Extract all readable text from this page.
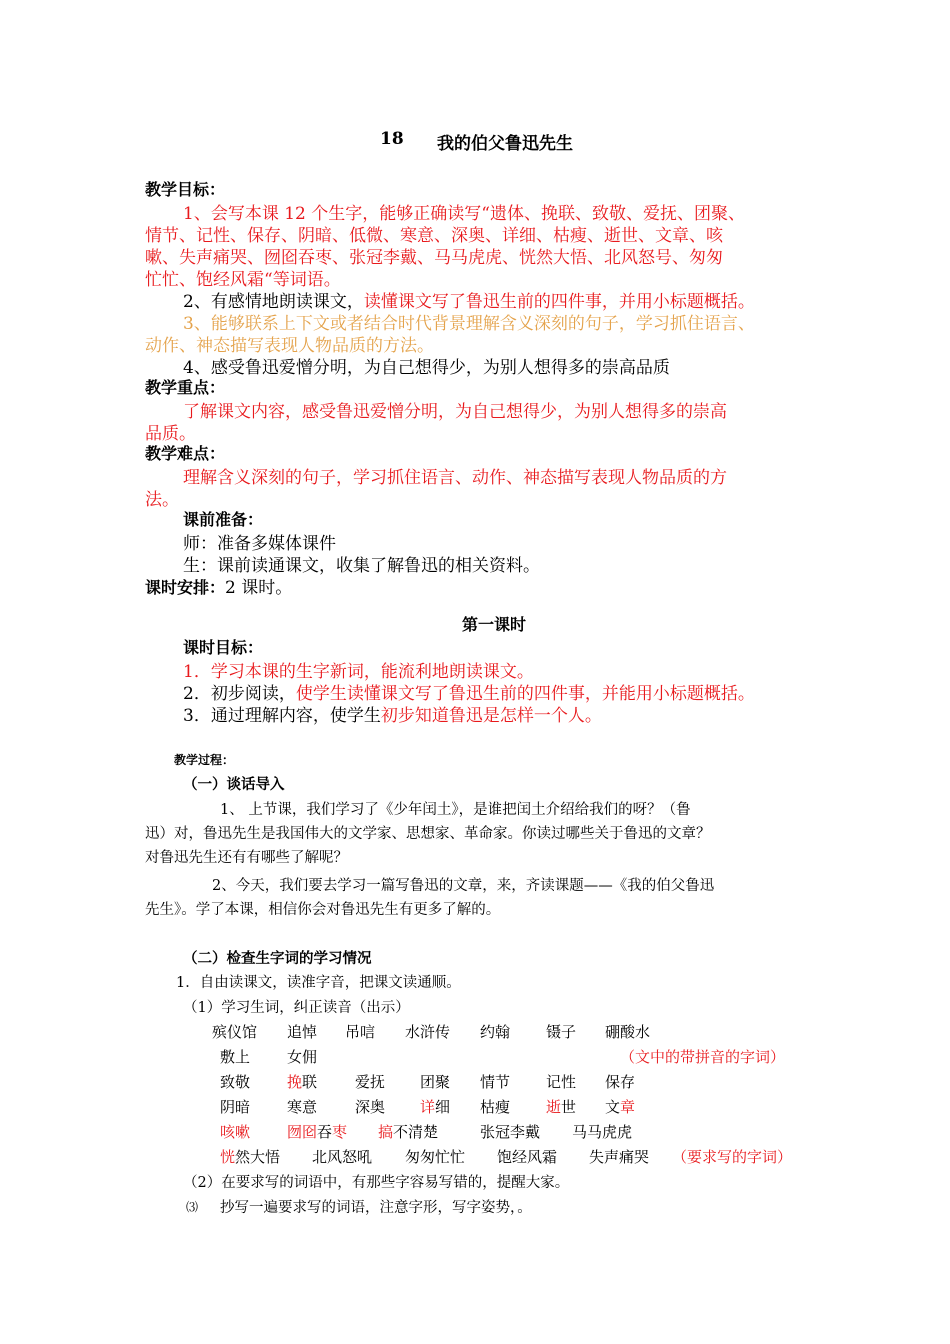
18 我的伯父鲁迅先生
教学目标：
1、会写本课 12 个生字，能够正确读写“遗体、挽联、致敬、爱抚、团聚、
情节、记性、保存、阴暗、低微、寒意、深奥、详细、枯瘦、逝世、文章、咳
嗽、失声痛哭、囫囵吞枣、张冠李戴、马马虎虎、恍然大悟、北风怒号、匆匆
忙忙、饱经风霜“等词语。
2、有感情地朗读课文，读懂课文写了鲁迅生前的四件事，并用小标题概括。
3、能够联系上下文或者结合时代背景理解含义深刻的句子，学习抓住语言、
动作、神态描写表现人物品质的方法。
4、感受鲁迅爱憎分明，为自己想得少，为别人想得多的崇高品质
教学重点：
了解课文内容，感受鲁迅爱憎分明，为自己想得少，为别人想得多的崇高
品质。
教学难点：
理解含义深刻的句子，学习抓住语言、动作、神态描写表现人物品质的方
法。
课前准备：
师：准备多媒体课件
生：课前读通课文，收集了解鲁迅的相关资料。
课时安排：2 课时。
第一课时
课时目标：
1．学习本课的生字新词，能流利地朗读课文。
2．初步阅读，使学生读懂课文写了鲁迅生前的四件事，并能用小标题概括。
3．通过理解内容，使学生初步知道鲁迅是怎样一个人。
教学过程：
（一）谈话导入
1、 上节课，我们学习了《少年闰土》，是谁把闰土介绍给我们的呀？（鲁
迅）对，鲁迅先生是我国伟大的文学家、思想家、革命家。你读过哪些关于鲁迅的文章？
对鲁迅先生还有有哪些了解呢？
2、今天，我们要去学习一篇写鲁迅的文章，来，齐读课题——《我的伯父鲁迅
先生》。学了本课，相信你会对鲁迅先生有更多了解的。
（二）检查生字词的学习情况
1．自由读课文，读准字音，把课文读通顺。
（1）学习生词，纠正读音（出示）
殡仪馆 追悼 吊唁 水浒传 约翰 镊子 硼酸水
敷上 女佣	（文中的带拼音的字词）
致敬 挽联	爱抚 团聚 情节 记性 保存
阴暗 寒意	深奥 详细 枯瘦 逝世 文章
咳嗽 囫囵吞枣 搞不清楚	张冠李戴 马马虎虎
恍然大悟 北风怒吼 匆匆忙忙 饱经风霜 失声痛哭 （要求写的字词）
（2）在要求写的词语中，有那些字容易写错的，提醒大家。
⑶ 抄写一遍要求写的词语，注意字形，写字姿势，。
